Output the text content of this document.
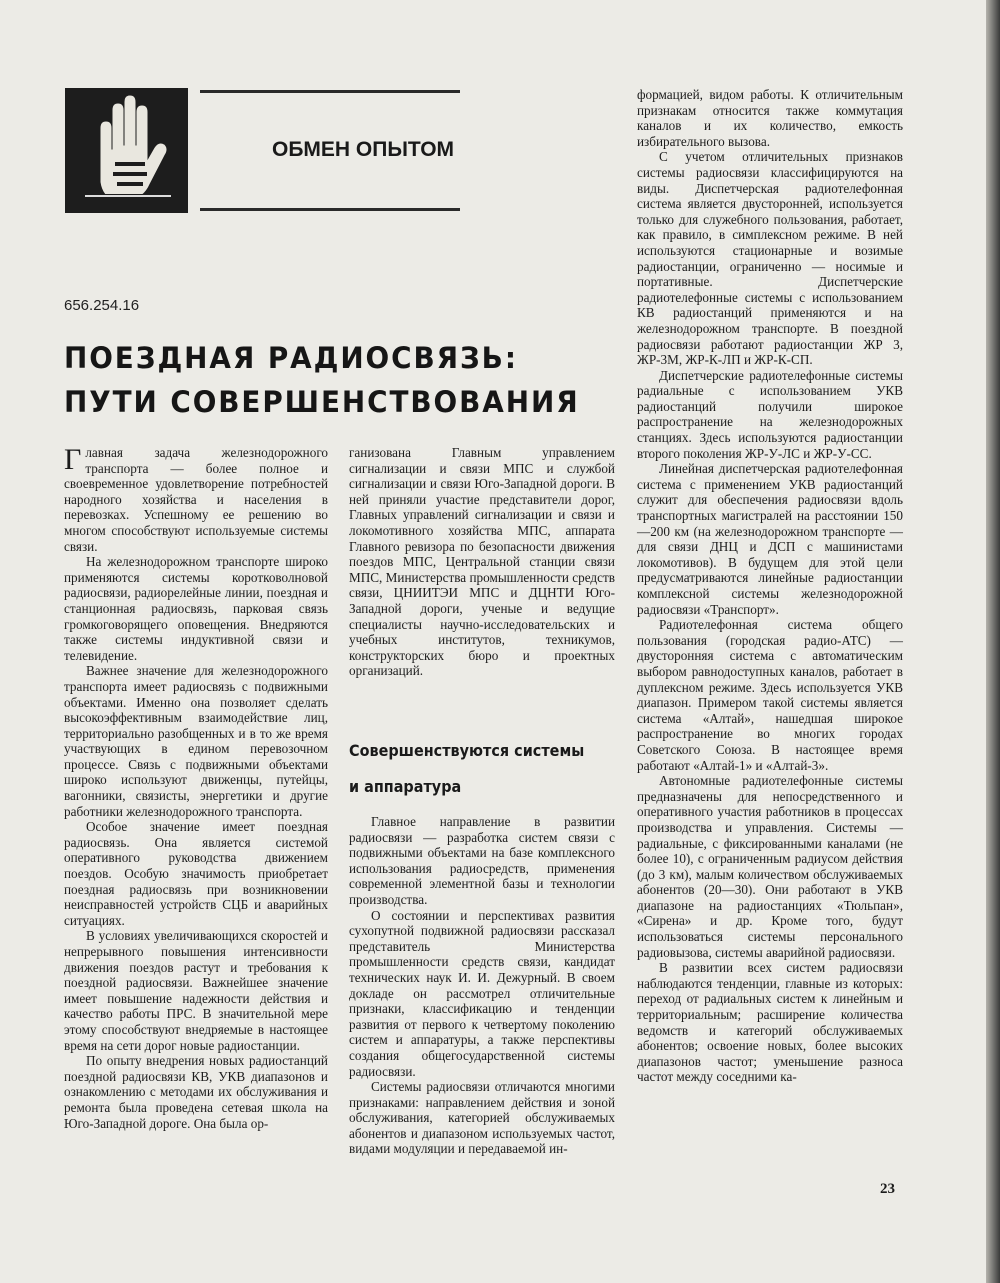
ОБМЕН ОПЫТОМ
656.254.16
ПОЕЗДНАЯ РАДИОСВЯЗЬ:
ПУТИ СОВЕРШЕНСТВОВАНИЯ

Главная задача железнодорожного транспорта — более полное и своевременное удовлетворение потребностей народного хозяйства и населения в перевозках. Успешному ее решению во многом способствуют используемые системы связи.

На железнодорожном транспорте широко применяются системы коротковолновой радиосвязи, радиорелейные линии, поездная и станционная радиосвязь, парковая связь громкоговорящего оповещения. Внедряются также системы индуктивной связи и телевидение.

Важнее значение для железнодорожного транспорта имеет радиосвязь с подвижными объектами. Именно она позволяет сделать высокоэффективным взаимодействие лиц, территориально разобщенных и в то же время участвующих в едином перевозочном процессе. Связь с подвижными объектами широко используют движенцы, путейцы, вагонники, связисты, энергетики и другие работники железнодорожного транспорта.

Особое значение имеет поездная радиосвязь. Она является системой оперативного руководства движением поездов. Особую значимость приобретает поездная радиосвязь при возникновении неисправностей устройств СЦБ и аварийных ситуациях.

В условиях увеличивающихся скоростей и непрерывного повышения интенсивности движения поездов растут и требования к поездной радиосвязи. Важнейшее значение имеет повышение надежности действия и качество работы ПРС. В значительной мере этому способствуют внедряемые в настоящее время на сети дорог новые радиостанции.

По опыту внедрения новых радиостанций поездной радиосвязи КВ, УКВ диапазонов и ознакомлению с методами их обслуживания и ремонта была проведена сетевая школа на Юго-Западной дороге. Она была ор-

ганизована Главным управлением сигнализации и связи МПС и службой сигнализации и связи Юго-Западной дороги. В ней приняли участие представители дорог, Главных управлений сигнализации и связи и локомотивного хозяйства МПС, аппарата Главного ревизора по безопасности движения поездов МПС, Центральной станции связи МПС, Министерства промышленности средств связи, ЦНИИТЭИ МПС и ДЦНТИ Юго-Западной дороги, ученые и ведущие специалисты научно-исследовательских и учебных институтов, техникумов, конструкторских бюро и проектных организаций.

Совершенствуются системы
и аппаратура

Главное направление в развитии радиосвязи — разработка систем связи с подвижными объектами на базе комплексного использования радиосредств, применения современной элементной базы и технологии производства.

О состоянии и перспективах развития сухопутной подвижной радиосвязи рассказал представитель Министерства промышленности средств связи, кандидат технических наук И. И. Дежурный. В своем докладе он рассмотрел отличительные признаки, классификацию и тенденции развития от первого к четвертому поколению систем и аппаратуры, а также перспективы создания общегосударственной системы радиосвязи.

Системы радиосвязи отличаются многими признаками: направлением действия и зоной обслуживания, категорией обслуживаемых абонентов и диапазоном используемых частот, видами модуляции и передаваемой ин-

формацией, видом работы. К отличительным признакам относится также коммутация каналов и их количество, емкость избирательного вызова.

С учетом отличительных признаков системы радиосвязи классифицируются на виды. Диспетчерская радиотелефонная система является двусторонней, используется только для служебного пользования, работает, как правило, в симплексном режиме. В ней используются стационарные и возимые радиостанции, ограниченно — носимые и портативные. Диспетчерские радиотелефонные системы с использованием КВ радиостанций применяются и на железнодорожном транспорте. В поездной радиосвязи работают радиостанции ЖР 3, ЖР-3М, ЖР-К-ЛП и ЖР-К-СП.

Диспетчерские радиотелефонные системы радиальные с использованием УКВ радиостанций получили широкое распространение на железнодорожных станциях. Здесь используются радиостанции второго поколения ЖР-У-ЛС и ЖР-У-СС.

Линейная диспетчерская радиотелефонная система с применением УКВ радиостанций служит для обеспечения радиосвязи вдоль транспортных магистралей на расстоянии 150—200 км (на железнодорожном транспорте — для связи ДНЦ и ДСП с машинистами локомотивов). В будущем для этой цели предусматриваются линейные радиостанции комплексной системы железнодорожной радиосвязи «Транспорт».

Радиотелефонная система общего пользования (городская радио-АТС) — двусторонняя система с автоматическим выбором равнодоступных каналов, работает в дуплексном режиме. Здесь используется УКВ диапазон. Примером такой системы является система «Алтай», нашедшая широкое распространение во многих городах Советского Союза. В настоящее время работают «Алтай-1» и «Алтай-3».

Автономные радиотелефонные системы предназначены для непосредственного и оперативного участия работников в процессах производства и управления. Системы — радиальные, с фиксированными каналами (не более 10), с ограниченным радиусом действия (до 3 км), малым количеством обслуживаемых абонентов (20—30). Они работают в УКВ диапазоне на радиостанциях «Тюльпан», «Сирена» и др. Кроме того, будут использоваться системы персонального радиовызова, системы аварийной радиосвязи.

В развитии всех систем радиосвязи наблюдаются тенденции, главные из которых: переход от радиальных систем к линейным и территориальным; расширение количества ведомств и категорий обслуживаемых абонентов; освоение новых, более высоких диапазонов частот; уменьшение разноса частот между соседними ка-

23
